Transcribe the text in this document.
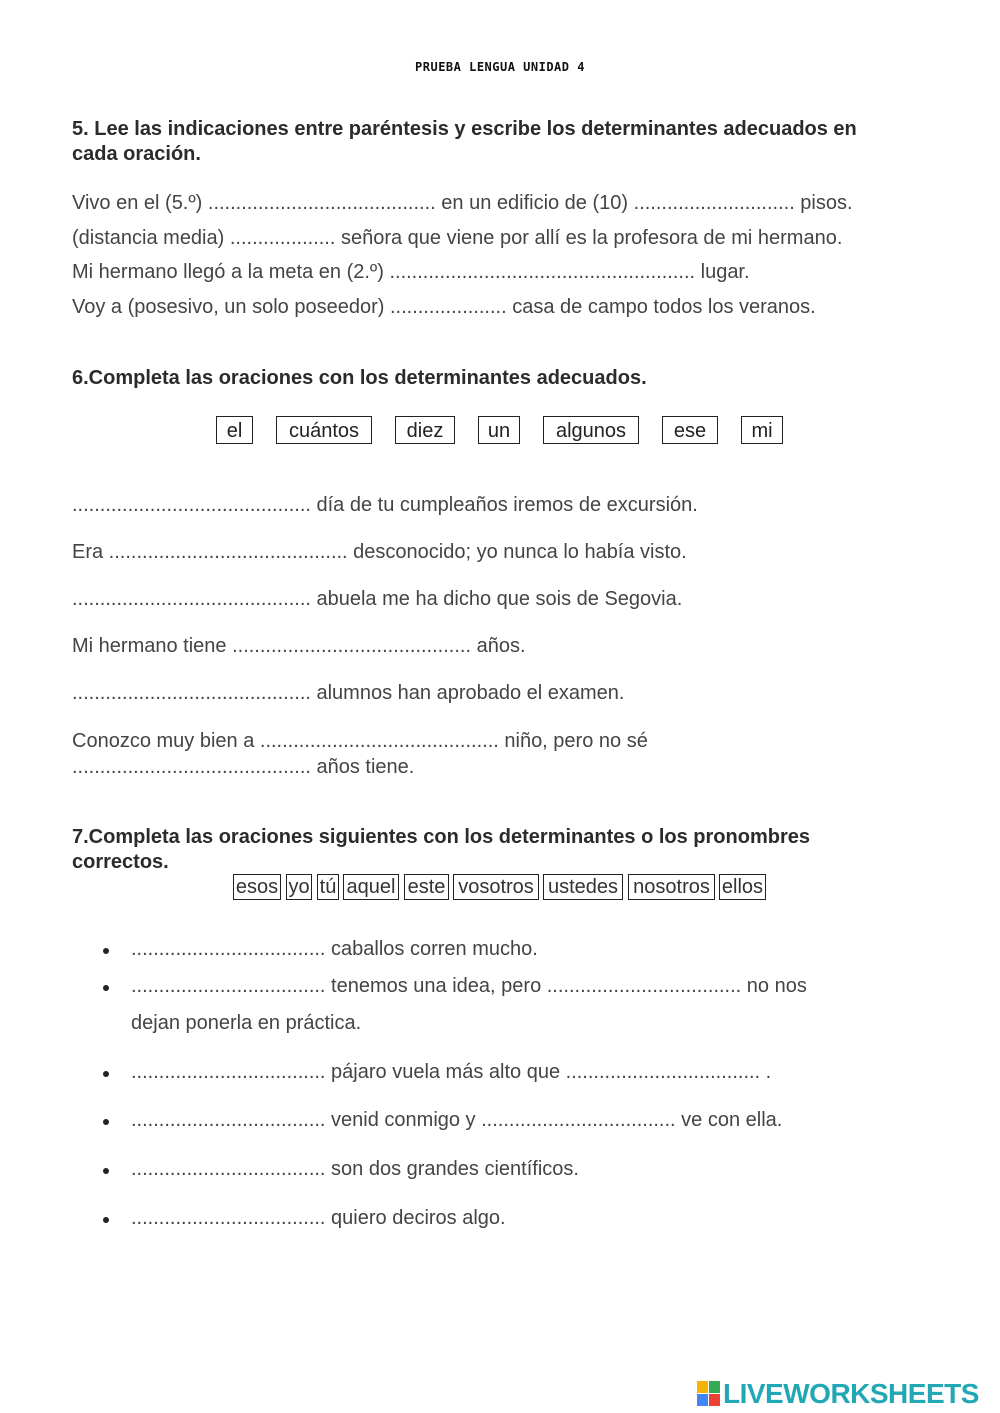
PRUEBA LENGUA UNIDAD 4
5. Lee las indicaciones entre paréntesis y escribe los determinantes adecuados en
cada oración.
Vivo en el (5.º) ......................................... en un edificio de (10) ............................. pisos.
(distancia media) ................... señora que viene por allí es la profesora de mi hermano.
Mi hermano llegó a la meta en (2.º) ....................................................... lugar.
Voy a (posesivo, un solo poseedor) ..................... casa de campo todos los veranos.
6.Completa las oraciones con los determinantes adecuados.
el	cuántos	diez	un	algunos	ese	mi
........................................... día de tu cumpleaños iremos de excursión.
Era ........................................... desconocido; yo nunca lo había visto.
........................................... abuela me ha dicho que sois de Segovia.
Mi hermano tiene ........................................... años.
........................................... alumnos han aprobado el examen.
Conozco muy bien a ........................................... niño, pero no sé
........................................... años tiene.
7.Completa las oraciones siguientes con los determinantes o los pronombres
correctos.
esos yo tú aquel este vosotros ustedes nosotros ellos
................................... caballos corren mucho.
................................... tenemos una idea, pero ................................... no nos
dejan ponerla en práctica.
................................... pájaro vuela más alto que ................................... .
................................... venid conmigo y ................................... ve con ella.
................................... son dos grandes científicos.
................................... quiero deciros algo.
LIVEWORKSHEETS
